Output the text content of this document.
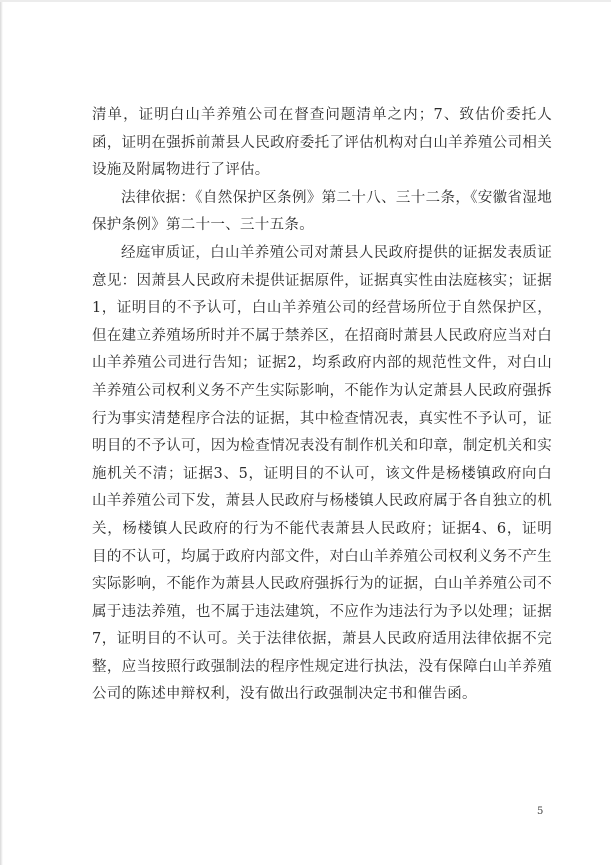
清单，证明白山羊养殖公司在督查问题清单之内；7、致估价委托人函，证明在强拆前萧县人民政府委托了评估机构对白山羊养殖公司相关设施及附属物进行了评估。

法律依据：《自然保护区条例》第二十八、三十二条，《安徽省湿地保护条例》第二十一、三十五条。

经庭审质证，白山羊养殖公司对萧县人民政府提供的证据发表质证意见：因萧县人民政府未提供证据原件，证据真实性由法庭核实；证据1，证明目的不予认可，白山羊养殖公司的经营场所位于自然保护区，但在建立养殖场所时并不属于禁养区，在招商时萧县人民政府应当对白山羊养殖公司进行告知；证据2，均系政府内部的规范性文件，对白山羊养殖公司权利义务不产生实际影响，不能作为认定萧县人民政府强拆行为事实清楚程序合法的证据，其中检查情况表，真实性不予认可，证明目的不予认可，因为检查情况表没有制作机关和印章，制定机关和实施机关不清；证据3、5，证明目的不认可，该文件是杨楼镇政府向白山羊养殖公司下发，萧县人民政府与杨楼镇人民政府属于各自独立的机关，杨楼镇人民政府的行为不能代表萧县人民政府；证据4、6，证明目的不认可，均属于政府内部文件，对白山羊养殖公司权利义务不产生实际影响，不能作为萧县人民政府强拆行为的证据，白山羊养殖公司不属于违法养殖，也不属于违法建筑，不应作为违法行为予以处理；证据7，证明目的不认可。关于法律依据，萧县人民政府适用法律依据不完整，应当按照行政强制法的程序性规定进行执法，没有保障白山羊养殖公司的陈述申辩权利，没有做出行政强制决定书和催告函。

5
